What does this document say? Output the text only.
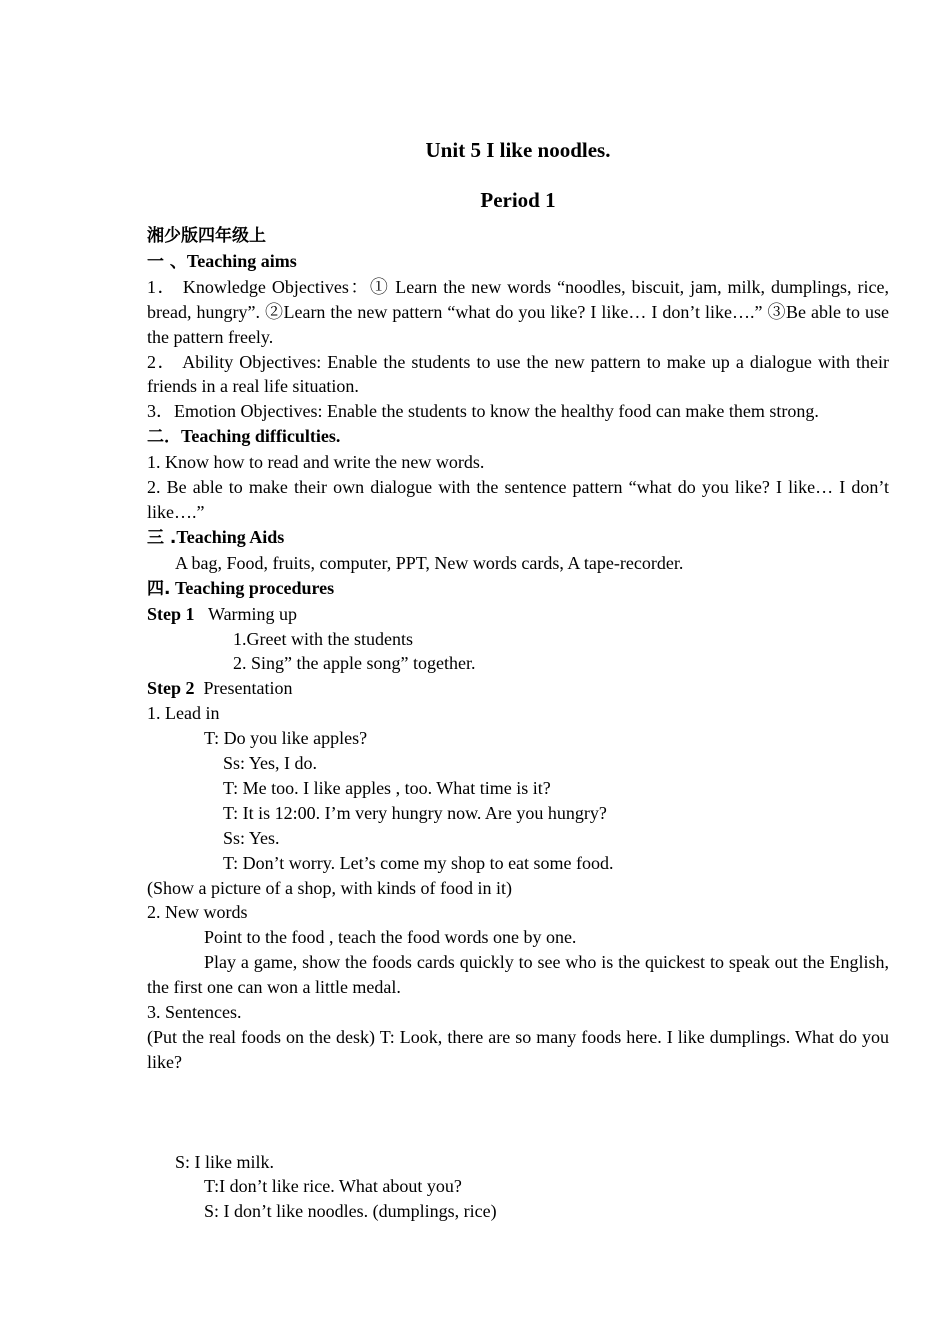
Unit 5 I like noodles.
Period 1
湘少版四年级上
一 、Teaching aims
1． Knowledge Objectives：① Learn the new words “noodles, biscuit, jam, milk, dumplings, rice, bread, hungry”. ②Learn the new pattern “what do you like? I like… I don’t like….” ③Be able to use the pattern freely.
2． Ability Objectives: Enable the students to use the new pattern to make up a dialogue with their friends in a real life situation.
3．Emotion Objectives: Enable the students to know the healthy food can make them strong.
二．Teaching difficulties.
1. Know how to read and write the new words.
2. Be able to make their own dialogue with the sentence pattern “what do you like? I like… I don’t like….”
三 .Teaching Aids
A bag, Food, fruits, computer, PPT, New words cards, A tape-recorder.
四. Teaching procedures
Step 1 Warming up
1.Greet with the students
2. Sing” the apple song” together.
Step 2 Presentation
1. Lead in
T: Do you like apples?
Ss: Yes, I do.
T: Me too. I like apples , too. What time is it?
T: It is 12:00. I’m very hungry now. Are you hungry?
Ss: Yes.
T: Don’t worry. Let’s come my shop to eat some food.
(Show a picture of a shop, with kinds of food in it)
2. New words
Point to the food , teach the food words one by one.
Play a game, show the foods cards quickly to see who is the quickest to speak out the English, the first one can won a little medal.
3. Sentences.
(Put the real foods on the desk) T: Look, there are so many foods here. I like dumplings. What do you like?
S: I like milk.
T:I don’t like rice. What about you?
S: I don’t like noodles. (dumplings, rice)
